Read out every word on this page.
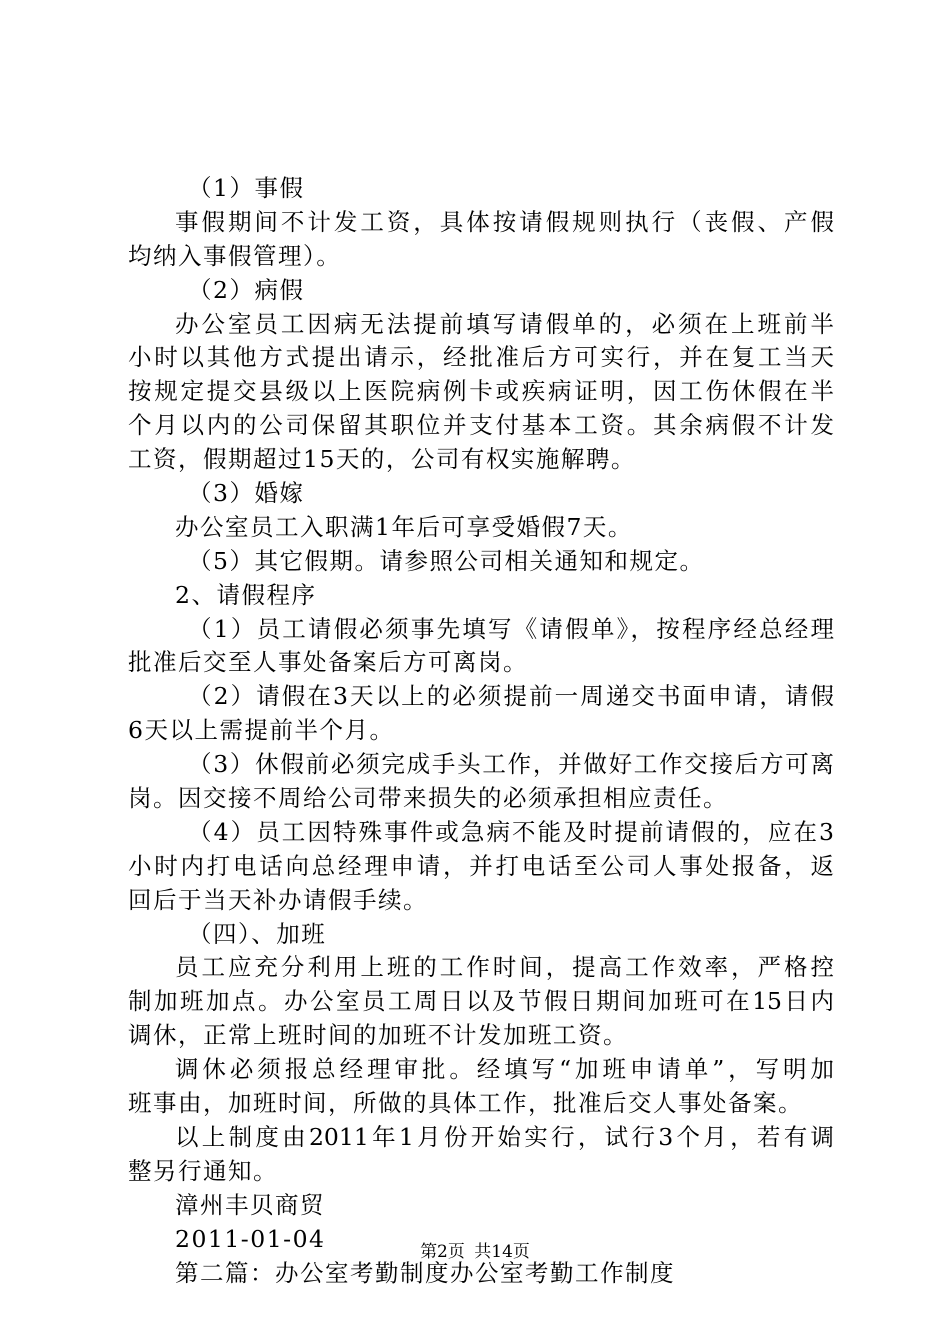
（1）事假
事假期间不计发工资，具体按请假规则执行（丧假、产假
均纳入事假管理）。
（2）病假
办公室员工因病无法提前填写请假单的，必须在上班前半
小时以其他方式提出请示，经批准后方可实行，并在复工当天
按规定提交县级以上医院病例卡或疾病证明，因工伤休假在半
个月以内的公司保留其职位并支付基本工资。其余病假不计发
工资，假期超过15天的，公司有权实施解聘。
（3）婚嫁
办公室员工入职满1年后可享受婚假7天。
（5）其它假期。请参照公司相关通知和规定。
2、请假程序
（1）员工请假必须事先填写《请假单》，按程序经总经理
批准后交至人事处备案后方可离岗。
（2）请假在3天以上的必须提前一周递交书面申请，请假
6天以上需提前半个月。
（3）休假前必须完成手头工作，并做好工作交接后方可离
岗。因交接不周给公司带来损失的必须承担相应责任。
（4）员工因特殊事件或急病不能及时提前请假的，应在3
小时内打电话向总经理申请，并打电话至公司人事处报备，返
回后于当天补办请假手续。
（四）、加班
员工应充分利用上班的工作时间，提高工作效率，严格控
制加班加点。办公室员工周日以及节假日期间加班可在15日内
调休，正常上班时间的加班不计发加班工资。
调休必须报总经理审批。经填写“加班申请单”，写明加
班事由，加班时间，所做的具体工作，批准后交人事处备案。
以上制度由2011年1月份开始实行，试行3个月，若有调
整另行通知。
漳州丰贝商贸
2011-01-04
第二篇：办公室考勤制度办公室考勤工作制度
第2页 共14页
